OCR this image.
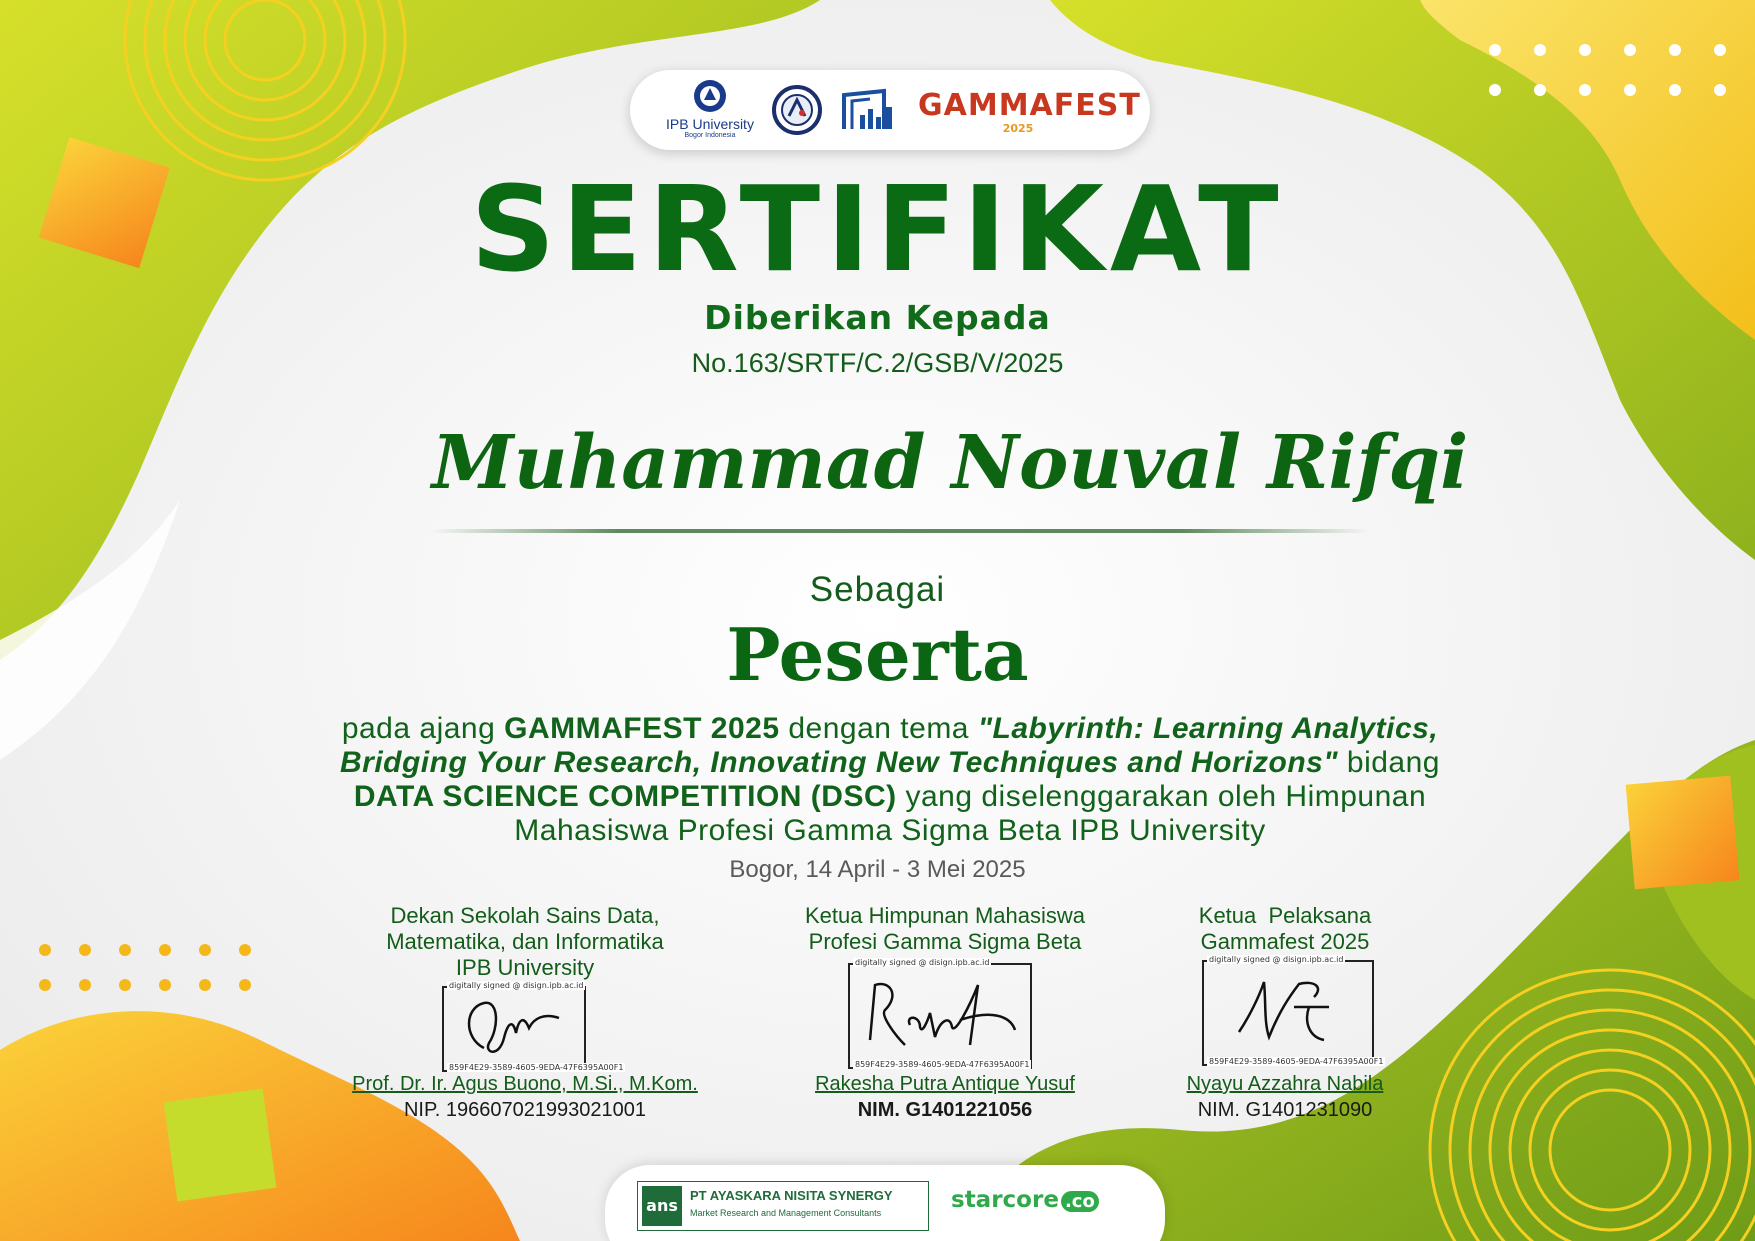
IPB University
Bogor Indonesia
GAMMAFEST
2025
SERTIFIKAT
Diberikan Kepada
No.163/SRTF/C.2/GSB/V/2025
Muhammad Nouval Rifqi
Sebagai
Peserta
pada ajang GAMMAFEST 2025 dengan tema "Labyrinth: Learning Analytics, Bridging Your Research, Innovating New Techniques and Horizons" bidang DATA SCIENCE COMPETITION (DSC) yang diselenggarakan oleh Himpunan Mahasiswa Profesi Gamma Sigma Beta IPB University
Bogor, 14 April - 3 Mei 2025
Dekan Sekolah Sains Data,
Matematika, dan Informatika
IPB University
digitally signed @ disign.ipb.ac.id
859F4E29-3589-4605-9EDA-47F6395A00F1
Prof. Dr. Ir. Agus Buono, M.Si., M.Kom.
NIP. 196607021993021001
Ketua Himpunan Mahasiswa
Profesi Gamma Sigma Beta
digitally signed @ disign.ipb.ac.id
859F4E29-3589-4605-9EDA-47F6395A00F1
Rakesha Putra Antique Yusuf
NIM. G1401221056
Ketua  Pelaksana
Gammafest 2025
digitally signed @ disign.ipb.ac.id
859F4E29-3589-4605-9EDA-47F6395A00F1
Nyayu Azzahra Nabila
NIM. G1401231090
ans
PT AYASKARA NISITA SYNERGY
Market Research and Management Consultants	starcore .co
